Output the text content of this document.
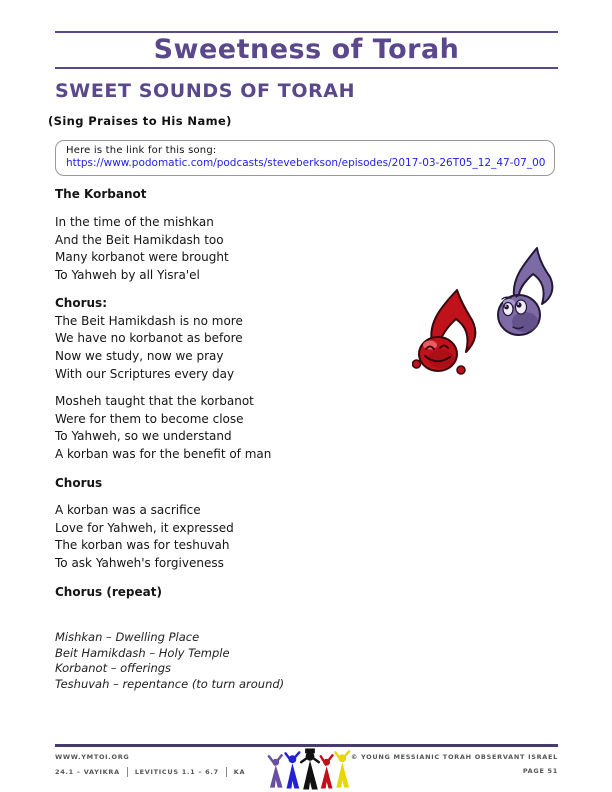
Sweetness of Torah
SWEET SOUNDS OF TORAH
(Sing Praises to His Name)
Here is the link for this song:
https://www.podomatic.com/podcasts/steveberkson/episodes/2017-03-26T05_12_47-07_00
The Korbanot
In the time of the mishkan
And the Beit Hamikdash too
Many korbanot were brought
To Yahweh by all Yisra'el
Chorus:
The Beit Hamikdash is no more
We have no korbanot as before
Now we study, now we pray
With our Scriptures every day
Mosheh taught that the korbanot
Were for them to become close
To Yahweh, so we understand
A korban was for the benefit of man
Chorus
A korban was a sacrifice
Love for Yahweh, it expressed
The korban was for teshuvah
To ask Yahweh's forgiveness
Chorus (repeat)
Mishkan – Dwelling Place
Beit Hamikdash – Holy Temple
Korbanot – offerings
Teshuvah – repentance (to turn around)
WWW.YMTOI.ORG
24.1 – VAYIKRA LEVITICUS 1.1 – 6.7 KA
© YOUNG MESSIANIC TORAH OBSERVANT ISRAEL
PAGE 51
